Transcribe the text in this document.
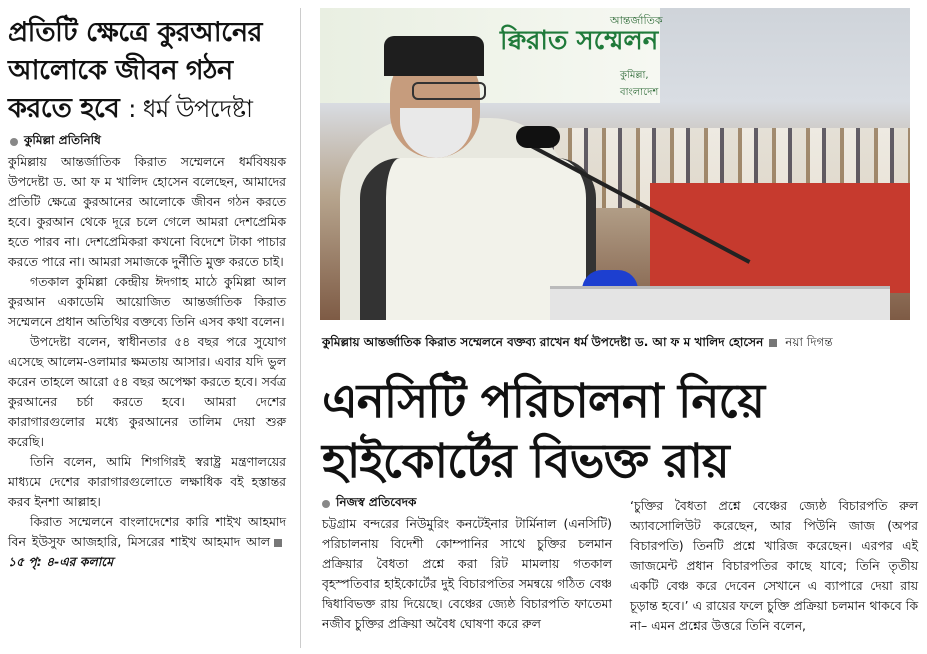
প্রতিটি ক্ষেত্রে কুরআনের আলোকে জীবন গঠন করতে হবে : ধর্ম উপদেষ্টা
কুমিল্লা প্রতিনিধি

কুমিল্লায় আন্তর্জাতিক কিরাত সম্মেলনে ধর্মবিষয়ক উপদেষ্টা ড. আ ফ ম খালিদ হোসেন বলেছেন, আমাদের প্রতিটি ক্ষেত্রে কুরআনের আলোকে জীবন গঠন করতে হবে। কুরআন থেকে দূরে চলে গেলে আমরা দেশপ্রেমিক হতে পারব না। দেশপ্রেমিকরা কখনো বিদেশে টাকা পাচার করতে পারে না। আমরা সমাজকে দুর্নীতি মুক্ত করতে চাই।

গতকাল কুমিল্লা কেন্দ্রীয় ঈদগাহ মাঠে কুমিল্লা আল কুরআন একাডেমি আয়োজিত আন্তর্জাতিক কিরাত সম্মেলনে প্রধান অতিথির বক্তব্যে তিনি এসব কথা বলেন।

উপদেষ্টা বলেন, স্বাধীনতার ৫৪ বছর পরে সুযোগ এসেছে আলেম-ওলামার ক্ষমতায় আসার। এবার যদি ভুল করেন তাহলে আরো ৫৪ বছর অপেক্ষা করতে হবে। সর্বত্র কুরআনের চর্চা করতে হবে। আমরা দেশের কারাগারগুলোর মধ্যে কুরআনের তালিম দেয়া শুরু করেছি।

তিনি বলেন, আমি শিগগিরই স্বরাষ্ট্র মন্ত্রণালয়ের মাধ্যমে দেশের কারাগারগুলোতে লক্ষাধিক বই হস্তান্তর করব ইনশা আল্লাহ।

কিরাত সম্মেলনে বাংলাদেশের কারি শাইখ আহমাদ বিন ইউসুফ আজহারি, মিসরের শাইখ আহমাদ আল১৫ পৃ: ৪-এর কলামে

আন্তর্জাতিক
ক্বিরাত সম্মেলন
কুমিল্লা, বাংলাদেশ
কুমিল্লায় আন্তর্জাতিক কিরাত সম্মেলনে বক্তব্য রাখেন ধর্ম উপদেষ্টা ড. আ ফ ম খালিদ হোসেন নয়া দিগন্ত
এনসিটি পরিচালনা নিয়ে হাইকোর্টের বিভক্ত রায়
নিজস্ব প্রতিবেদক

চট্টগ্রাম বন্দরের নিউমুরিং কনটেইনার টার্মিনাল (এনসিটি) পরিচালনায় বিদেশী কোম্পানির সাথে চুক্তির চলমান প্রক্রিয়ার বৈধতা প্রশ্নে করা রিট মামলায় গতকাল বৃহস্পতিবার হাইকোর্টের দুই বিচারপতির সমন্বয়ে গঠিত বেঞ্চ দ্বিধাবিভক্ত রায় দিয়েছে। বেঞ্চের জ্যেষ্ঠ বিচারপতি ফাতেমা নজীব চুক্তির প্রক্রিয়া অবৈধ ঘোষণা করে রুল

‘চুক্তির বৈধতা প্রশ্নে বেঞ্চের জ্যেষ্ঠ বিচারপতি রুল অ্যাবসোলিউট করেছেন, আর পিউনি জাজ (অপর বিচারপতি) তিনটি প্রশ্নে খারিজ করেছেন। এরপর এই জাজমেন্ট প্রধান বিচারপতির কাছে যাবে; তিনি তৃতীয় একটি বেঞ্চ করে দেবেন সেখানে এ ব্যাপারে দেয়া রায় চূড়ান্ত হবে।’ এ রায়ের ফলে চুক্তি প্রক্রিয়া চলমান থাকবে কি না– এমন প্রশ্নের উত্তরে তিনি বলেন,
